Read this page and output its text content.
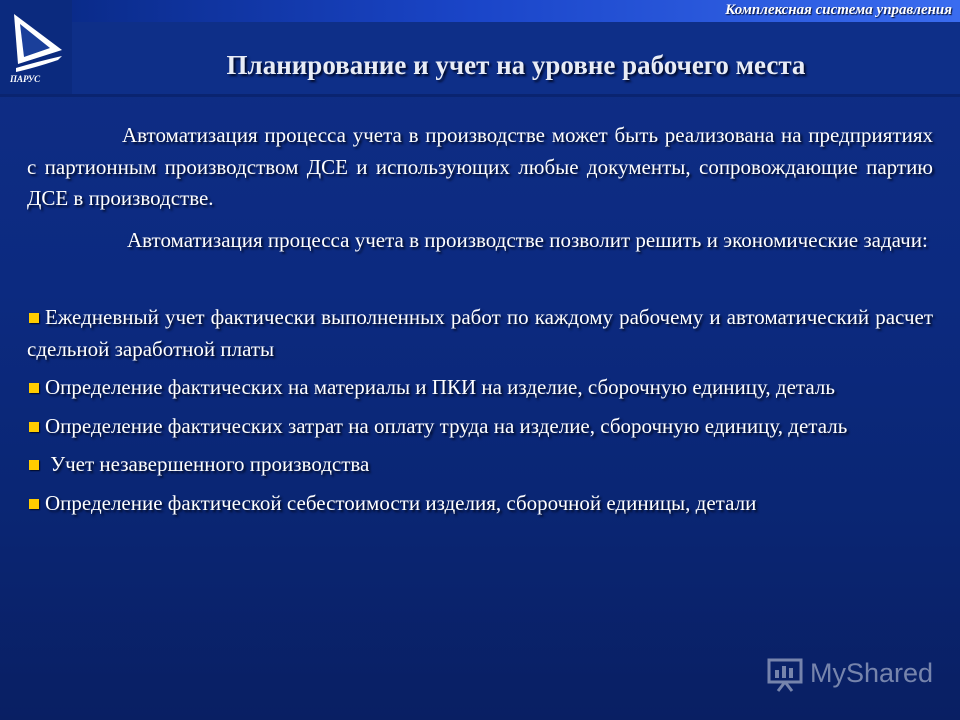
Комплексная система управления
ПАРУС	Планирование и учет на уровне рабочего места

Автоматизация процесса учета в производстве может быть реализована на предприятиях с партионным производством ДСЕ и использующих любые документы, сопровождающие партию ДСЕ в производстве.

Автоматизация процесса учета в производстве позволит решить и экономические задачи:

Ежедневный учет фактически выполненных работ по каждому рабочему и автоматический расчет сдельной заработной платы
Определение фактических на материалы и ПКИ на изделие, сборочную единицу, деталь
Определение фактических затрат на оплату труда на изделие, сборочную единицу, деталь
Учет незавершенного производства
Определение фактической себестоимости изделия, сборочной единицы, детали
MyShared
